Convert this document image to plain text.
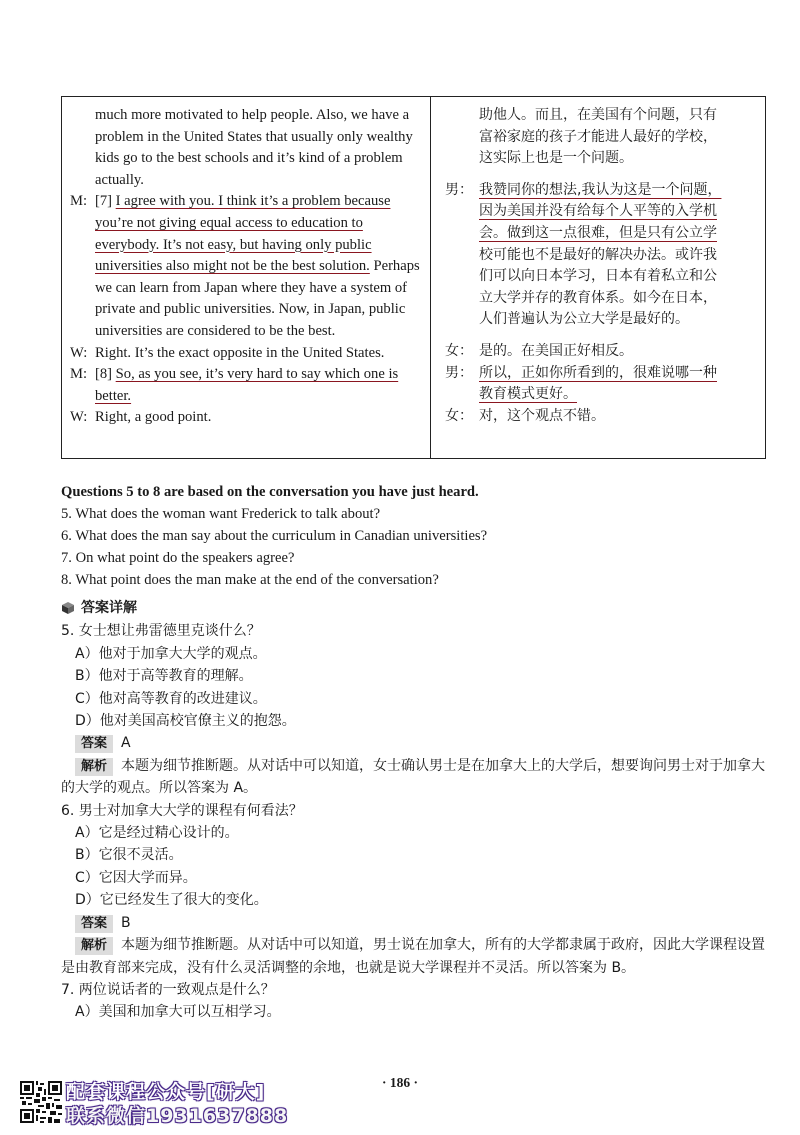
much more motivated to help people. Also, we have a problem in the United States that usually only wealthy kids go to the best schools and it’s kind of a problem actually.
M: [7] I agree with you. I think it’s a problem because you’re not giving equal access to education to everybody. It’s not easy, but having only public universities also might not be the best solution. Perhaps we can learn from Japan where they have a system of private and public universities. Now, in Japan, public universities are considered to be the best.
W: Right. It’s the exact opposite in the United States.
M: [8] So, as you see, it’s very hard to say which one is better.
W: Right, a good point.
助他人。而且，在美国有个问题，只有
富裕家庭的孩子才能进人最好的学校，
这实际上也是一个问题。
男： 我赞同你的想法,我认为这是一个问题，
因为美国并没有给每个人平等的入学机
会。做到这一点很难，但是只有公立学
校可能也不是最好的解决办法。或许我
们可以向日本学习，日本有着私立和公
立大学并存的教育体系。如今在日本，
人们普遍认为公立大学是最好的。
女： 是的。在美国正好相反。
男： 所以，正如你所看到的，很难说哪一种
教育模式更好。
女： 对，这个观点不错。
Questions 5 to 8 are based on the conversation you have just heard.
5. What does the woman want Frederick to talk about?
6. What does the man say about the curriculum in Canadian universities?
7. On what point do the speakers agree?
8. What point does the man make at the end of the conversation?
答案详解
5. 女士想让弗雷德里克谈什么？
A）他对于加拿大大学的观点。
B）他对于高等教育的理解。
C）他对高等教育的改进建议。
D）他对美国高校官僚主义的抱怨。
答案 A
解析 本题为细节推断题。从对话中可以知道，女士确认男士是在加拿大上的大学后，想要询问男士对于加拿大的大学的观点。所以答案为 A。
6. 男士对加拿大大学的课程有何看法？
A）它是经过精心设计的。
B）它很不灵活。
C）它因大学而异。
D）它已经发生了很大的变化。
答案 B
解析 本题为细节推断题。从对话中可以知道，男士说在加拿大，所有的大学都隶属于政府，因此大学课程设置是由教育部来完成，没有什么灵活调整的余地，也就是说大学课程并不灵活。所以答案为 B。
7. 两位说话者的一致观点是什么？
A）美国和加拿大可以互相学习。
· 186 ·
配套课程公众号[研大]
联系微信1931637888
